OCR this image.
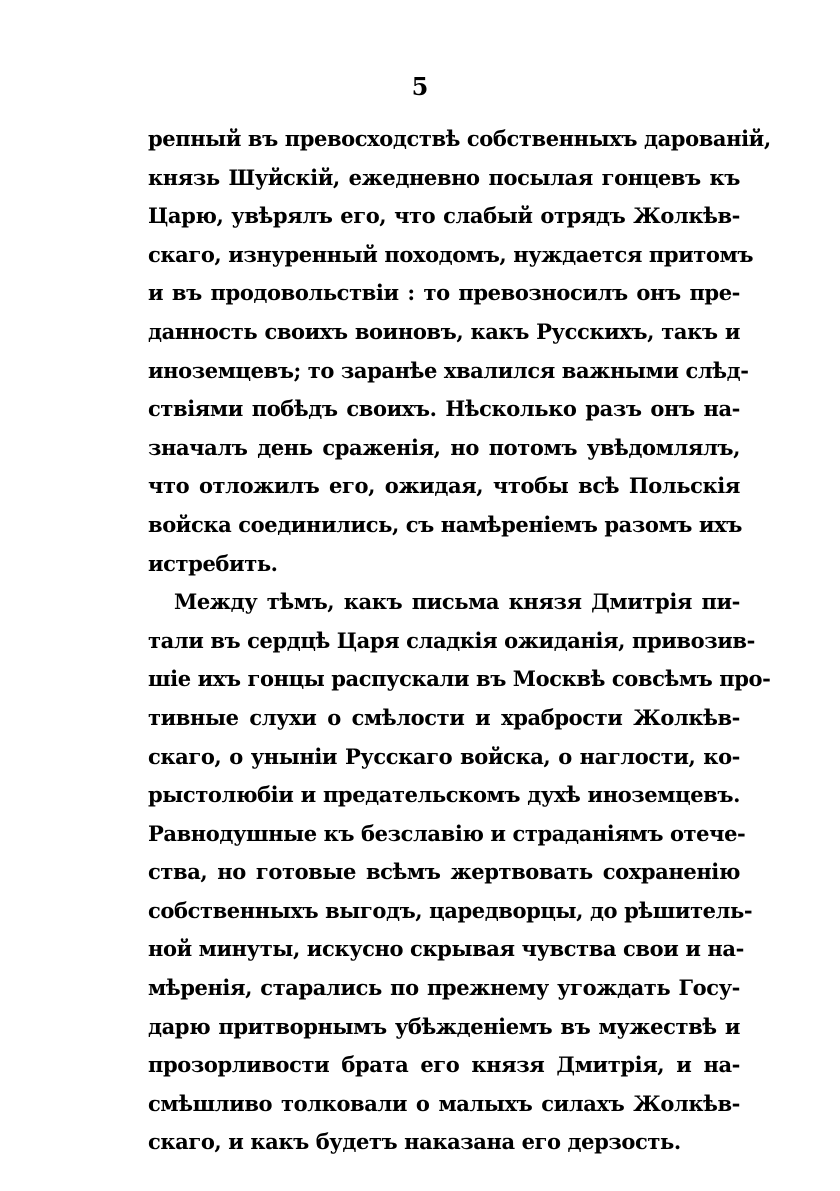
5
репный въ превосходствѣ собственныхъ дарованій,
князь Шуйскій, ежедневно посылая гонцевъ къ
Царю, увѣрялъ его, что слабый отрядъ Жолкѣв-
скаго, изнуренный походомъ, нуждается притомъ
и въ продовольствіи : то превозносилъ онъ пре-
данность своихъ воиновъ, какъ Русскихъ, такъ и
иноземцевъ; то заранѣе хвалился важными слѣд-
ствіями побѣдъ своихъ. Нѣсколько разъ онъ на-
значалъ день сраженія, но потомъ увѣдомлялъ,
что отложилъ его, ожидая, чтобы всѣ Польскія
войска соединились, съ намѣреніемъ разомъ ихъ
истребить.
Между тѣмъ, какъ письма князя Дмитрія пи-
тали въ сердцѣ Царя сладкія ожиданія, привозив-
шіе ихъ гонцы распускали въ Москвѣ совсѣмъ про-
тивные слухи о смѣлости и храбрости Жолкѣв-
скаго, о унынiи Русскаго войска, о наглости, ко-
рыстолюбіи и предательскомъ духѣ иноземцевъ.
Равнодушные къ безславію и страданіямъ отече-
ства, но готовые всѣмъ жертвовать сохраненію
собственныхъ выгодъ, царедворцы, до рѣшитель-
ной минуты, искусно скрывая чувства свои и на-
мѣренія, старались по прежнему угождать Госу-
дарю притворнымъ убѣжденіемъ въ мужествѣ и
прозорливости брата его князя Дмитрія, и на-
смѣшливо толковали о малыхъ силахъ Жолкѣв-
скаго, и какъ будетъ наказана его дерзость.
